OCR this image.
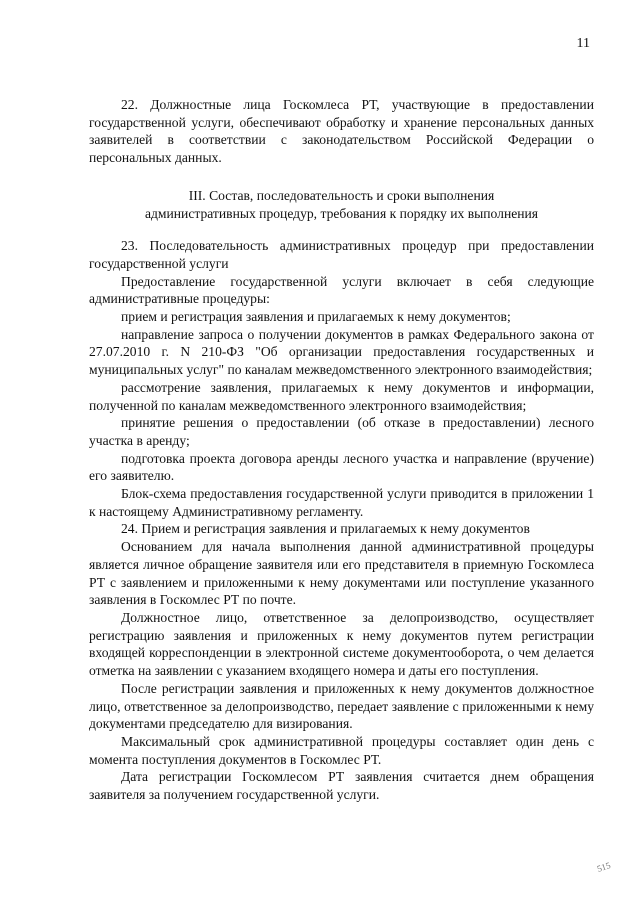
11

22. Должностные лица Госкомлеса РТ, участвующие в предоставлении государственной услуги, обеспечивают обработку и хранение персональных данных заявителей в соответствии с законодательством Российской Федерации о персональных данных.

III. Состав, последовательность и сроки выполнения
административных процедур, требования к порядку их выполнения

23. Последовательность административных процедур при предоставлении государственной услуги

Предоставление государственной услуги включает в себя следующие административные процедуры:

прием и регистрация заявления и прилагаемых к нему документов;

направление запроса о получении документов в рамках Федерального закона от 27.07.2010 г. N 210-ФЗ "Об организации предоставления государственных и муниципальных услуг" по каналам межведомственного электронного взаимодействия;

рассмотрение заявления, прилагаемых к нему документов и информации, полученной по каналам межведомственного электронного взаимодействия;

принятие решения о предоставлении (об отказе в предоставлении) лесного участка в аренду;

подготовка проекта договора аренды лесного участка и направление (вручение) его заявителю.

Блок-схема предоставления государственной услуги приводится в приложении 1 к настоящему Административному регламенту.

24. Прием и регистрация заявления и прилагаемых к нему документов

Основанием для начала выполнения данной административной процедуры является личное обращение заявителя или его представителя в приемную Госкомлеса РТ с заявлением и приложенными к нему документами или поступление указанного заявления в Госкомлес РТ по почте.

Должностное лицо, ответственное за делопроизводство, осуществляет регистрацию заявления и приложенных к нему документов путем регистрации входящей корреспонденции в электронной системе документооборота, о чем делается отметка на заявлении с указанием входящего номера и даты его поступления.

После регистрации заявления и приложенных к нему документов должностное лицо, ответственное за делопроизводство, передает заявление с приложенными к нему документами председателю для визирования.

Максимальный срок административной процедуры составляет один день с момента поступления документов в Госкомлес РТ.

Дата регистрации Госкомлесом РТ заявления считается днем обращения заявителя за получением государственной услуги.

515
